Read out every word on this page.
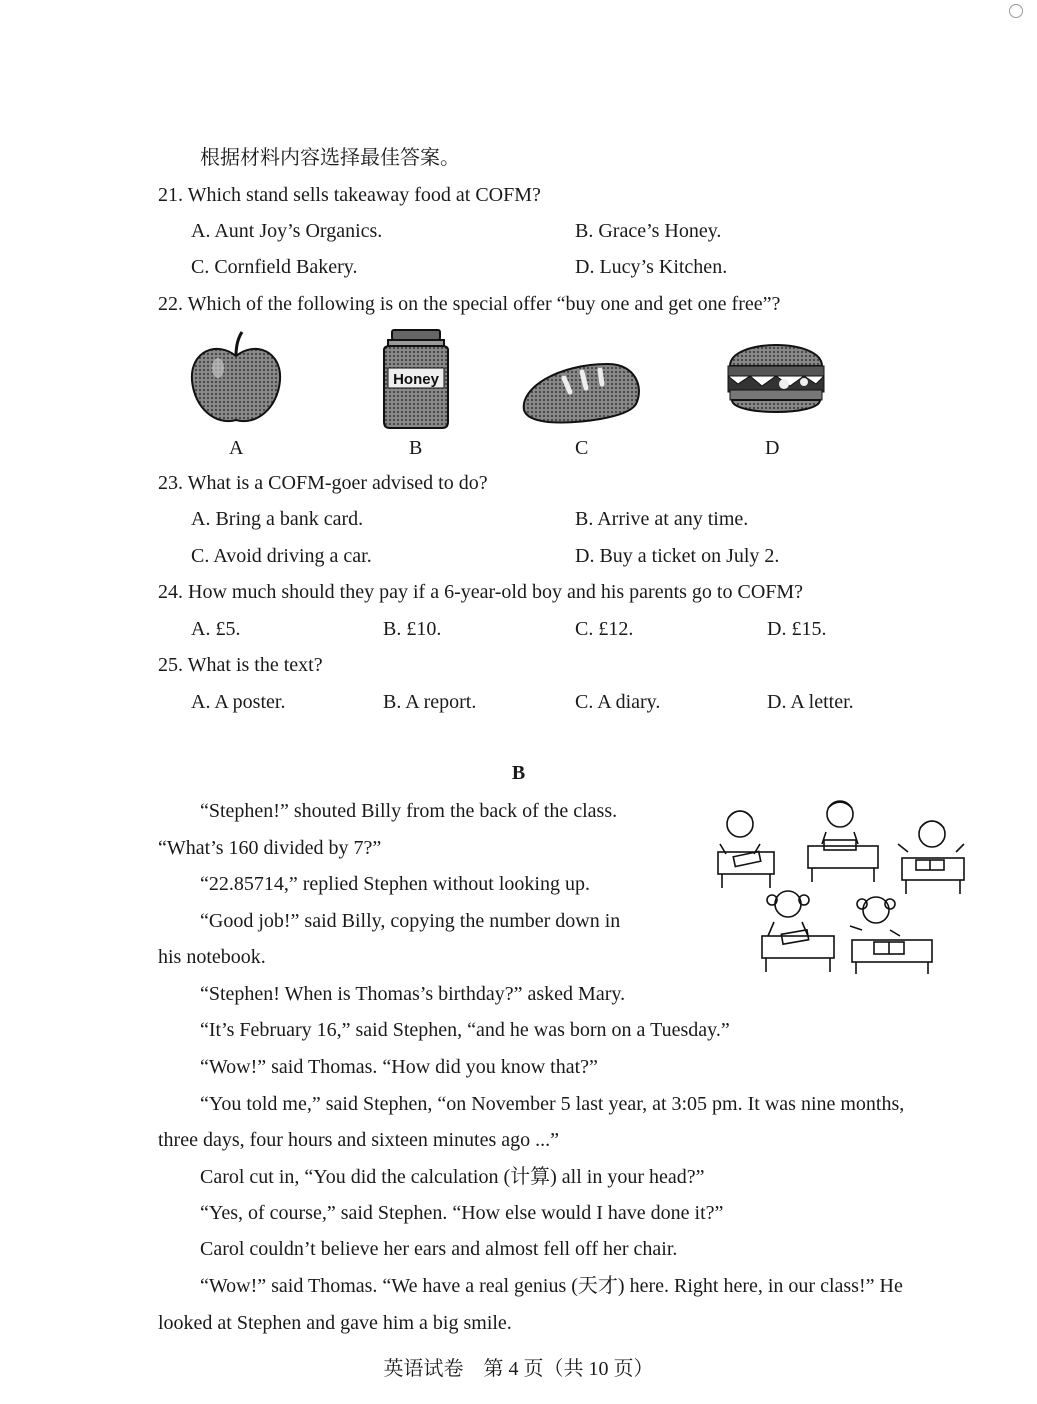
根据材料内容选择最佳答案。
21. Which stand sells takeaway food at COFM?
A. Aunt Joy’s Organics.	B. Grace’s Honey.
C. Cornfield Bakery.	D. Lucy’s Kitchen.
22. Which of the following is on the special offer “buy one and get one free”?
Honey
A	B	C	D
23. What is a COFM-goer advised to do?
A. Bring a bank card.	B. Arrive at any time.
C. Avoid driving a car.	D. Buy a ticket on July 2.
24. How much should they pay if a 6-year-old boy and his parents go to COFM?
A. £5.	B. £10.	C. £12.	D. £15.
25. What is the text?
A. A poster.	B. A report.	C. A diary.	D. A letter.
B
“Stephen!” shouted Billy from the back of the class.
“What’s 160 divided by 7?”
“22.85714,” replied Stephen without looking up.
“Good job!” said Billy, copying the number down in
his notebook.
“Stephen! When is Thomas’s birthday?” asked Mary.
“It’s February 16,” said Stephen, “and he was born on a Tuesday.”
“Wow!” said Thomas. “How did you know that?”
“You told me,” said Stephen, “on November 5 last year, at 3:05 pm. It was nine months,
three days, four hours and sixteen minutes ago ...”
Carol cut in, “You did the calculation (计算) all in your head?”
“Yes, of course,” said Stephen. “How else would I have done it?”
Carol couldn’t believe her ears and almost fell off her chair.
“Wow!” said Thomas. “We have a real genius (天才) here. Right here, in our class!” He
looked at Stephen and gave him a big smile.
英语试卷　第 4 页（共 10 页）
